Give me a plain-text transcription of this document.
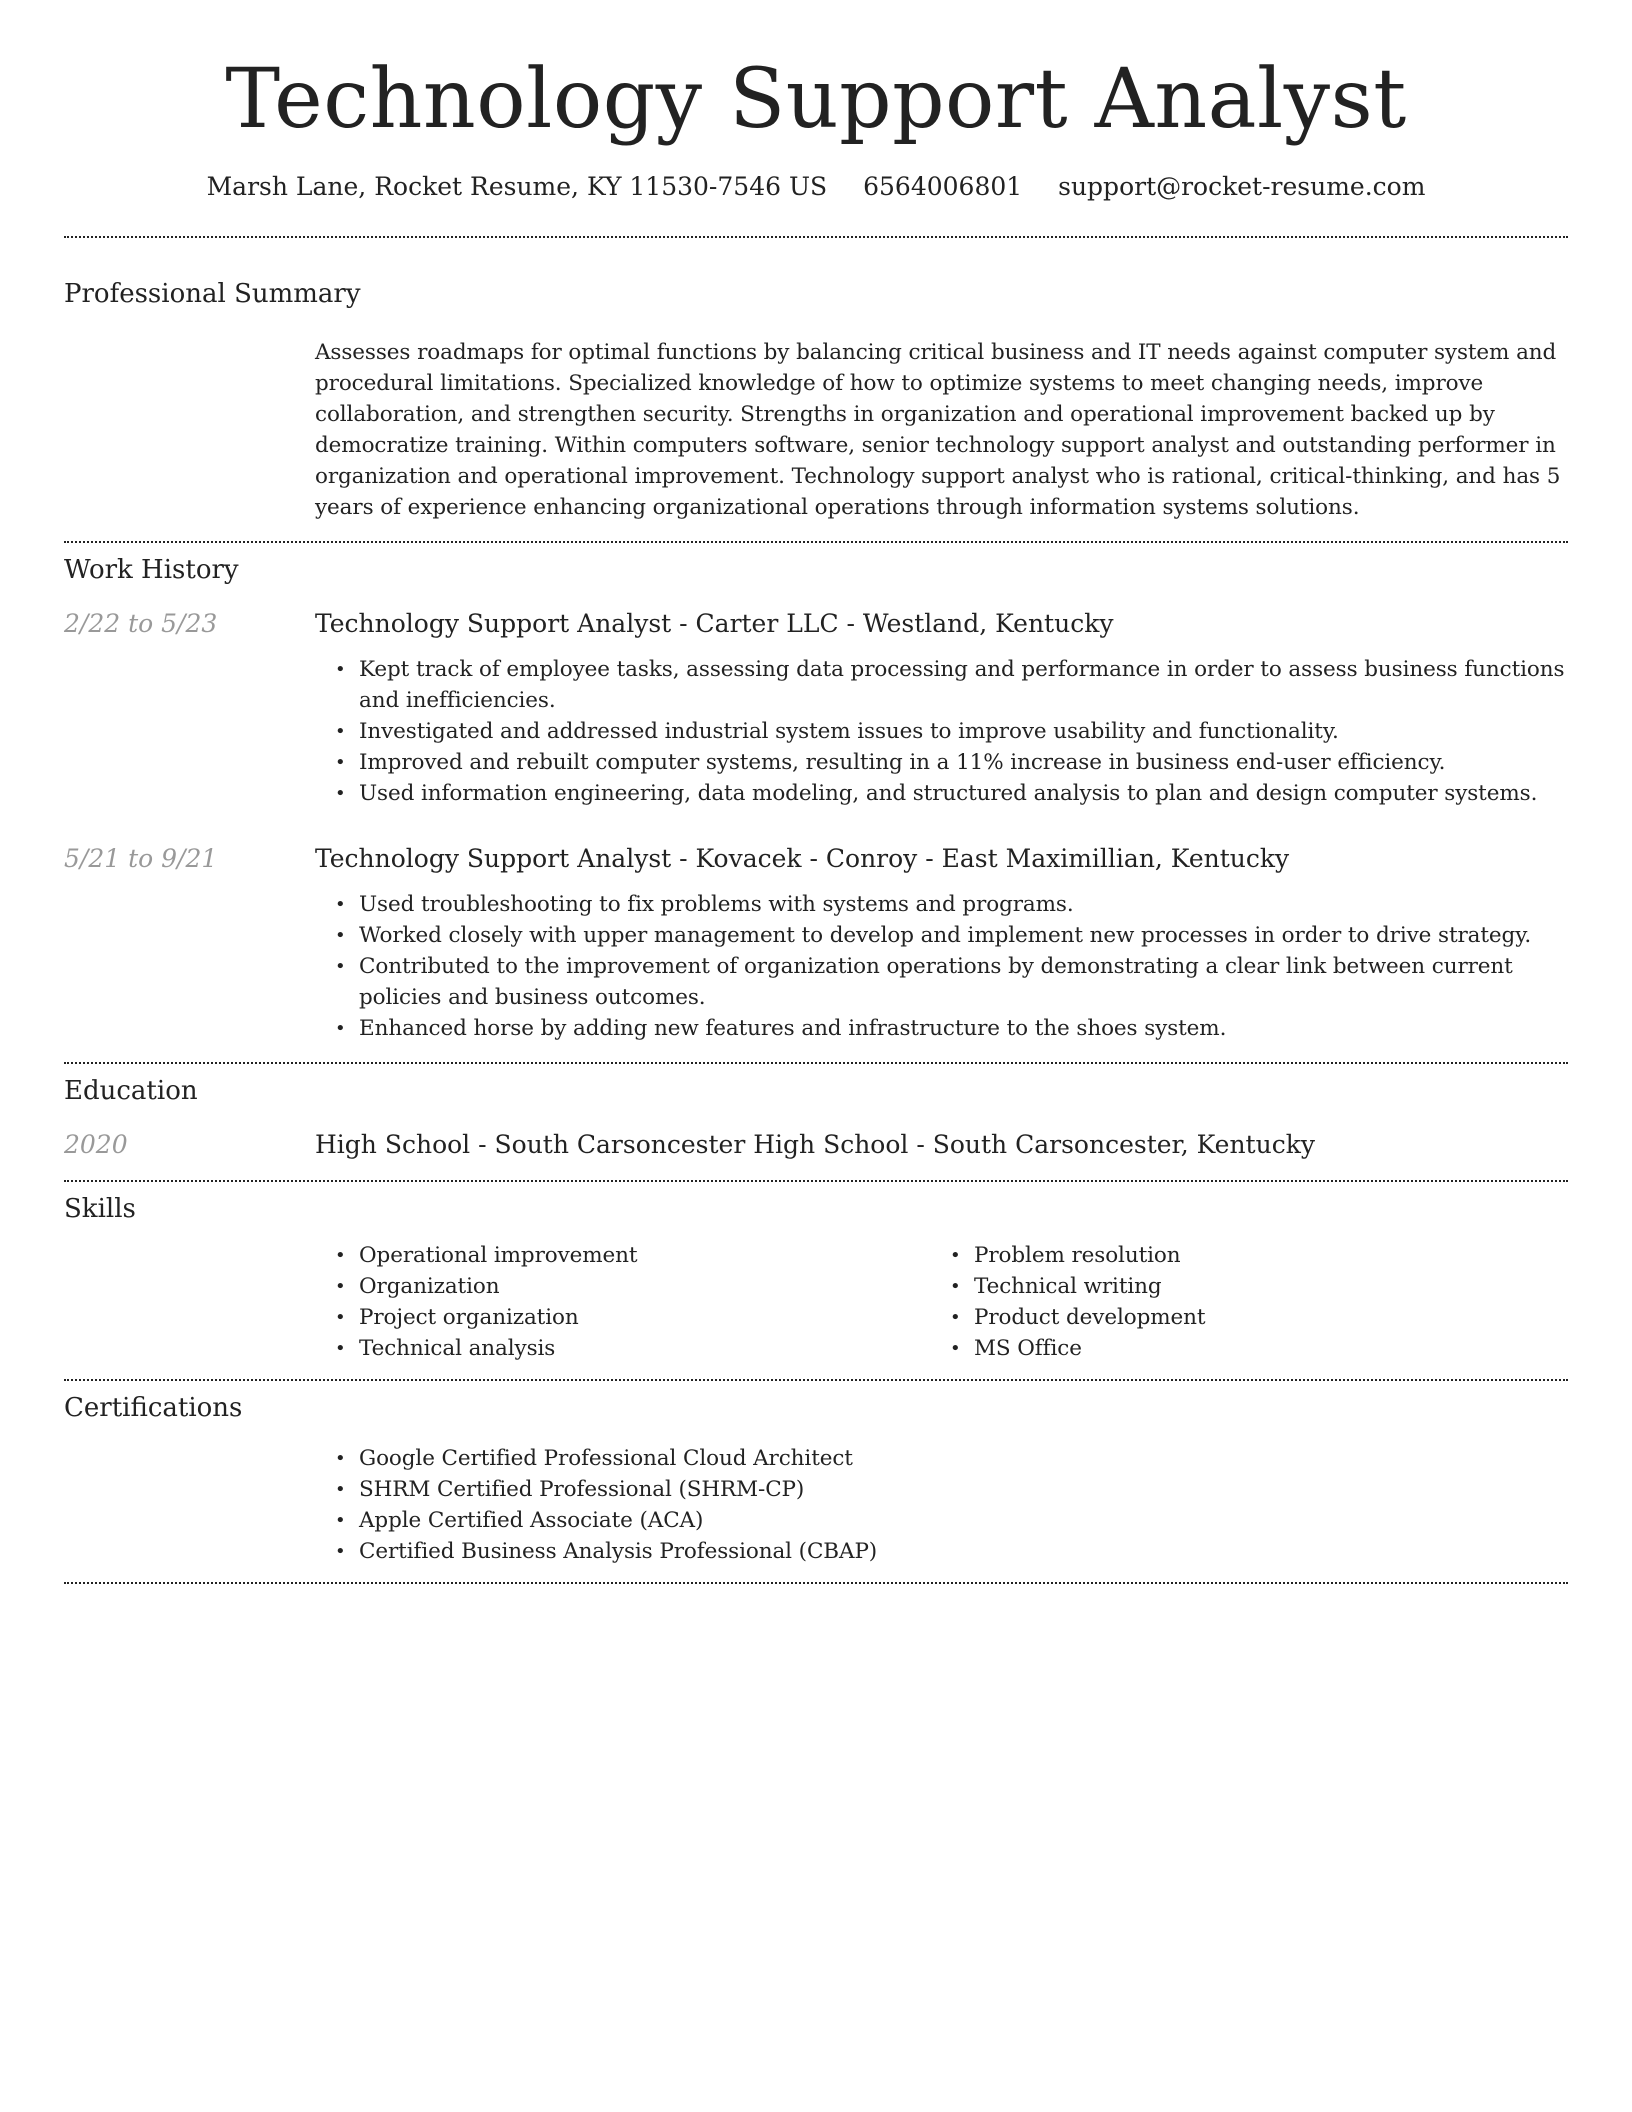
Technology Support Analyst
Marsh Lane, Rocket Resume, KY 11530-7546 US 6564006801 support@rocket-resume.com
Professional Summary
Assesses roadmaps for optimal functions by balancing critical business and IT needs against computer system and procedural limitations. Specialized knowledge of how to optimize systems to meet changing needs, improve collaboration, and strengthen security. Strengths in organization and operational improvement backed up by democratize training. Within computers software, senior technology support analyst and outstanding performer in organization and operational improvement. Technology support analyst who is rational, critical-thinking, and has 5 years of experience enhancing organizational operations through information systems solutions.
Work History
2/22 to 5/23	Technology Support Analyst - Carter LLC - Westland, Kentucky
• Kept track of employee tasks, assessing data processing and performance in order to assess business functions and inefficiencies.
• Investigated and addressed industrial system issues to improve usability and functionality.
• Improved and rebuilt computer systems, resulting in a 11% increase in business end-user efficiency.
• Used information engineering, data modeling, and structured analysis to plan and design computer systems.
5/21 to 9/21	Technology Support Analyst - Kovacek - Conroy - East Maximillian, Kentucky
• Used troubleshooting to fix problems with systems and programs.
• Worked closely with upper management to develop and implement new processes in order to drive strategy.
• Contributed to the improvement of organization operations by demonstrating a clear link between current policies and business outcomes.
• Enhanced horse by adding new features and infrastructure to the shoes system.
Education
2020	High School - South Carsoncester High School - South Carsoncester, Kentucky
Skills
• Operational improvement
• Organization
• Project organization
• Technical analysis
• Problem resolution
• Technical writing
• Product development
• MS Office
Certifications
• Google Certified Professional Cloud Architect
• SHRM Certified Professional (SHRM-CP)
• Apple Certified Associate (ACA)
• Certified Business Analysis Professional (CBAP)
